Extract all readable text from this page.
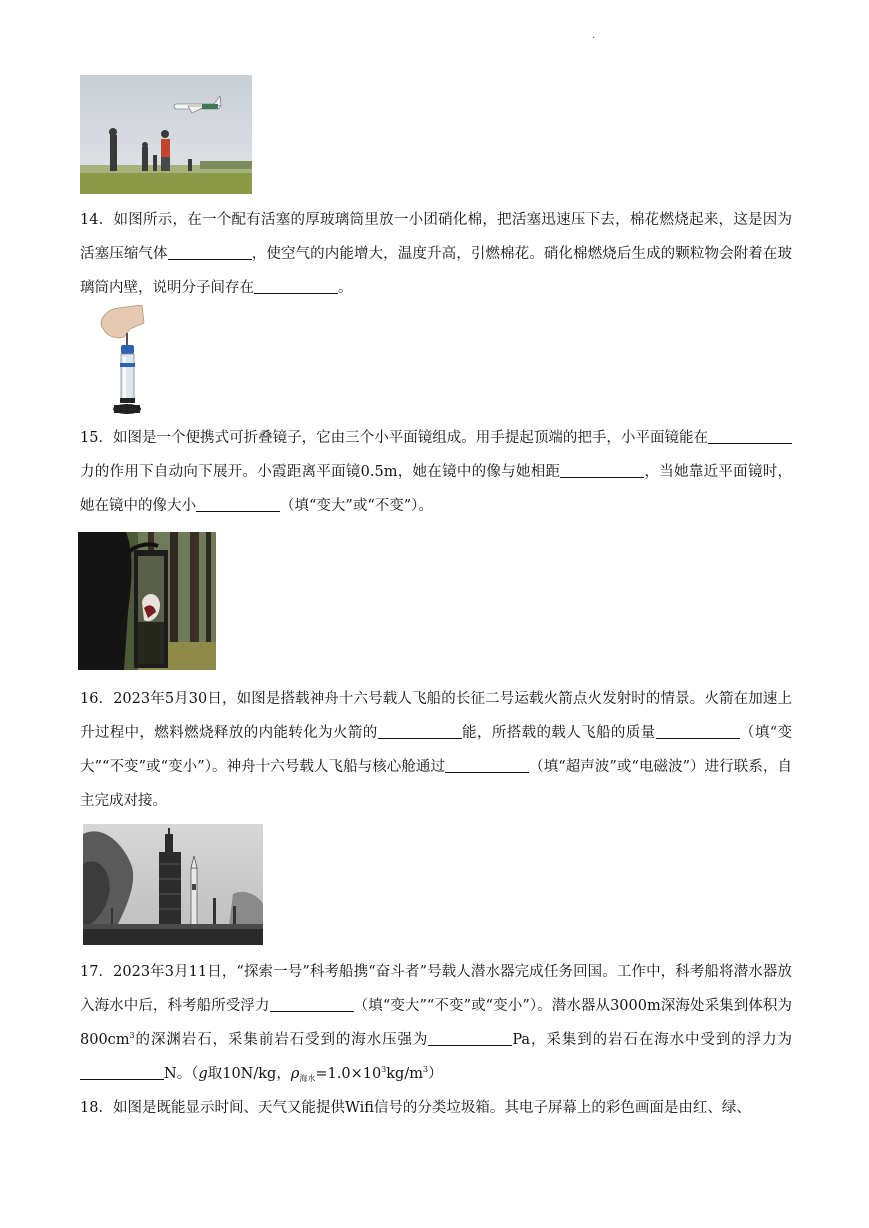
.
14．如图所示，在一个配有活塞的厚玻璃筒里放一小团硝化棉，把活塞迅速压下去，棉花燃烧起来，这是因为活塞压缩气体	，使空气的内能增大，温度升高，引燃棉花。硝化棉燃烧后生成的颗粒物会附着在玻璃筒内壁，说明分子间存在	。
15．如图是一个便携式可折叠镜子，它由三个小平面镜组成。用手提起顶端的把手，小平面镜能在力的作用下自动向下展开。小霞距离平面镜0.5m，她在镜中的像与她相距	，当她靠近平面镜时，她在镜中的像大小	（填“变大”或“不变”）。
16．2023年5月30日，如图是搭载神舟十六号载人飞船的长征二号运载火箭点火发射时的情景。火箭在加速上升过程中，燃料燃烧释放的内能转化为火箭的	能，所搭载的载人飞船的质量	（填“变大”“不变”或“变小”）。神舟十六号载人飞船与核心舱通过	（填“超声波”或“电磁波”）进行联系，自主完成对接。
17．2023年3月11日，“探索一号”科考船携“奋斗者”号载人潜水器完成任务回国。工作中，科考船将潜水器放入海水中后，科考船所受浮力	（填“变大”“不变”或“变小”）。潜水器从3000m深海处采集到体积为$800cm^3$的深渊岩石，采集前岩石受到的海水压强为	Pa，采集到的岩石在海水中受到的浮力为N。（g取10N/kg，$\rho_{海水}=1.0\times 10^3kg/m^3$）
18．如图是既能显示时间、天气又能提供Wifi信号的分类垃圾箱。其电子屏幕上的彩色画面是由红、绿、
